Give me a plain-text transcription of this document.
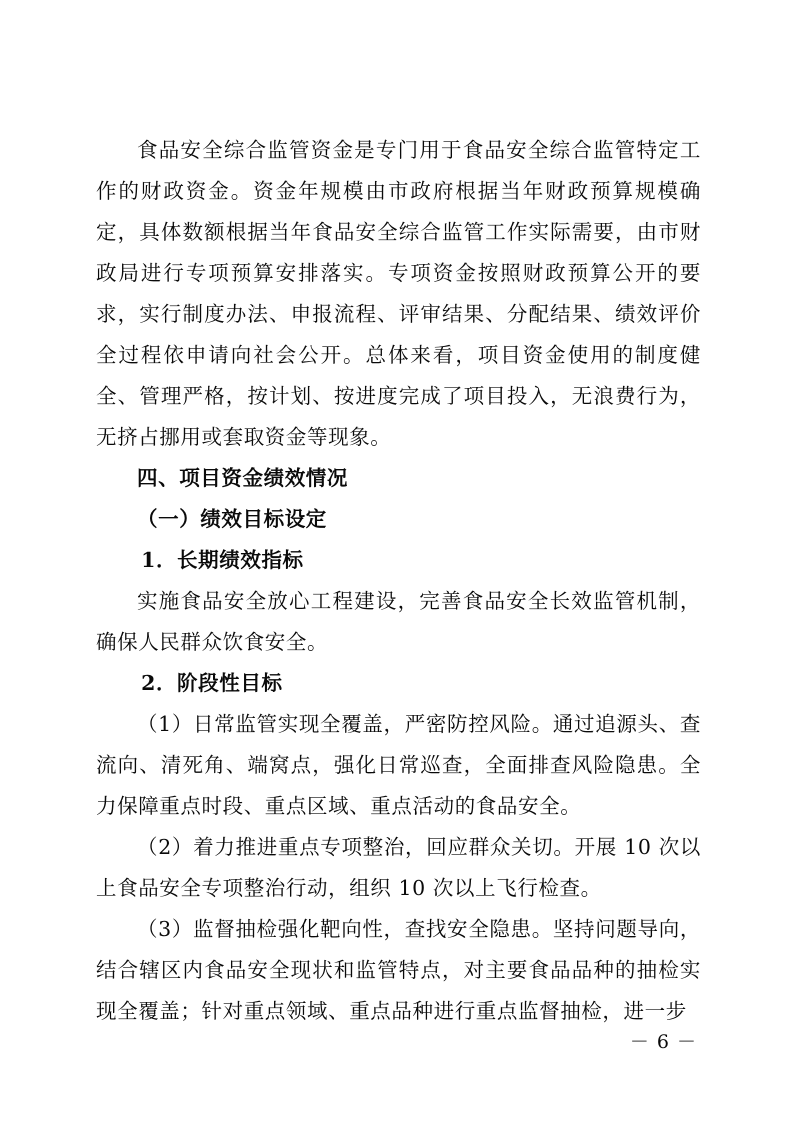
食品安全综合监管资金是专门用于食品安全综合监管特定工作的财政资金。资金年规模由市政府根据当年财政预算规模确定，具体数额根据当年食品安全综合监管工作实际需要，由市财政局进行专项预算安排落实。专项资金按照财政预算公开的要求，实行制度办法、申报流程、评审结果、分配结果、绩效评价全过程依申请向社会公开。总体来看，项目资金使用的制度健全、管理严格，按计划、按进度完成了项目投入，无浪费行为，无挤占挪用或套取资金等现象。

四、项目资金绩效情况

（一）绩效目标设定

1．长期绩效指标

实施食品安全放心工程建设，完善食品安全长效监管机制，确保人民群众饮食安全。

2．阶段性目标

（1）日常监管实现全覆盖，严密防控风险。通过追源头、查流向、清死角、端窝点，强化日常巡查，全面排查风险隐患。全力保障重点时段、重点区域、重点活动的食品安全。

（2）着力推进重点专项整治，回应群众关切。开展 10 次以上食品安全专项整治行动，组织 10 次以上飞行检查。

（3）监督抽检强化靶向性，查找安全隐患。坚持问题导向，结合辖区内食品安全现状和监管特点，对主要食品品种的抽检实现全覆盖；针对重点领域、重点品种进行重点监督抽检，进一步

－ 6 －
